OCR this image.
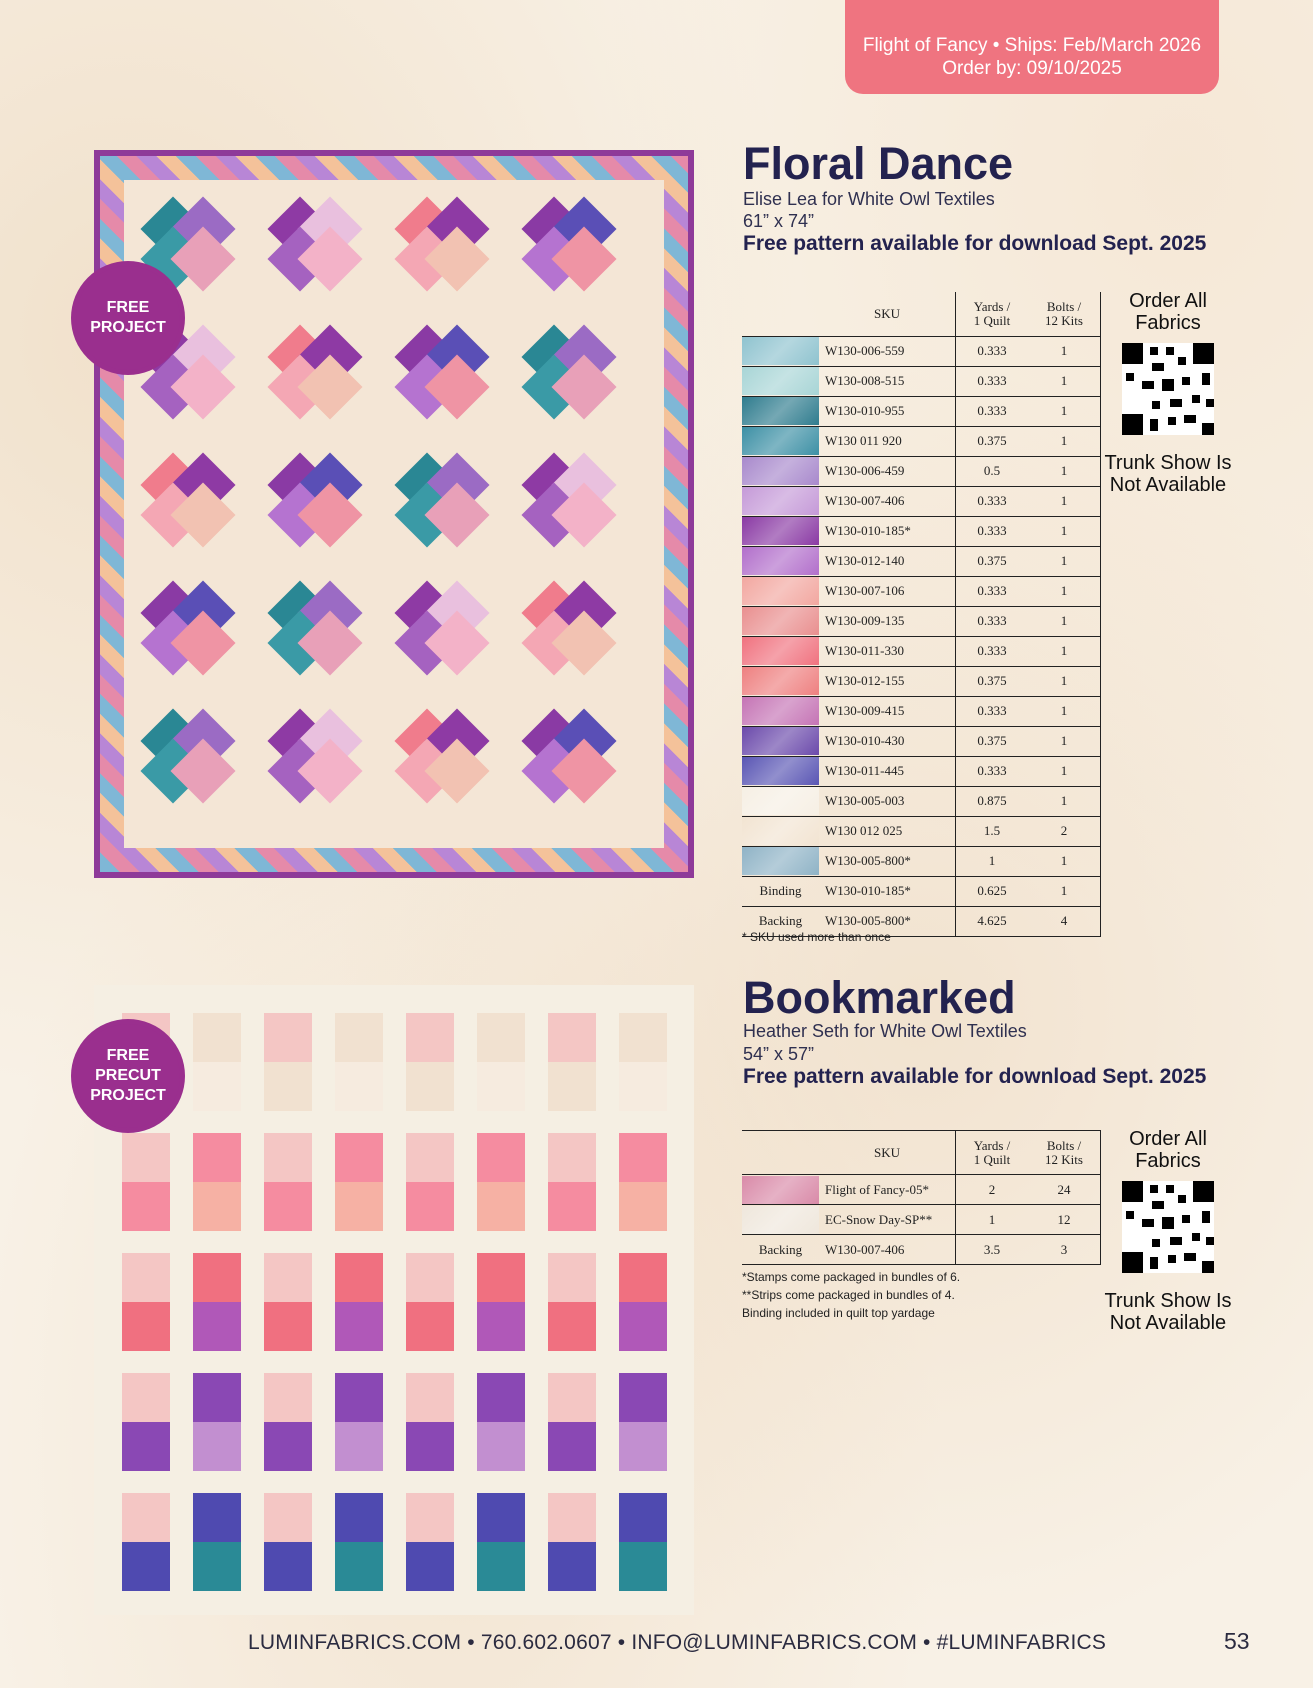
Flight of Fancy • Ships: Feb/March 2026
Order by: 09/10/2025
FREE
PROJECT
Floral Dance
Elise Lea for White Owl Textiles
61” x 74”
Free pattern available for download Sept. 2025
	SKU	Yards /
1 Quilt	Bolts /
12 Kits

	W130-006-559	0.333	1

	W130-008-515	0.333	1

	W130-010-955	0.333	1

	W130 011 920	0.375	1

	W130-006-459	0.5	1

	W130-007-406	0.333	1

	W130-010-185*	0.333	1

	W130-012-140	0.375	1

	W130-007-106	0.333	1

	W130-009-135	0.333	1

	W130-011-330	0.333	1

	W130-012-155	0.375	1

	W130-009-415	0.333	1

	W130-010-430	0.375	1

	W130-011-445	0.333	1

	W130-005-003	0.875	1

	W130 012 025	1.5	2

	W130-005-800*	1	1
Binding	W130-010-185*	0.625	1
Backing	W130-005-800*	4.625	4
* SKU used more than once
Order All
Fabrics
Trunk Show Is
Not Available
FREE
PRECUT
PROJECT
Bookmarked
Heather Seth for White Owl Textiles
54” x 57”
Free pattern available for download Sept. 2025
	SKU	Yards /
1 Quilt	Bolts /
12 Kits

	Flight of Fancy-05*	2	24

	EC-Snow Day-SP**	1	12
Backing	W130-007-406	3.5	3
*Stamps come packaged in bundles of 6.
**Strips come packaged in bundles of 4.
Binding included in quilt top yardage
Order All
Fabrics
Trunk Show Is
Not Available
LUMINFABRICS.COM • 760.602.0607 • INFO@LUMINFABRICS.COM • #LUMINFABRICS	53
